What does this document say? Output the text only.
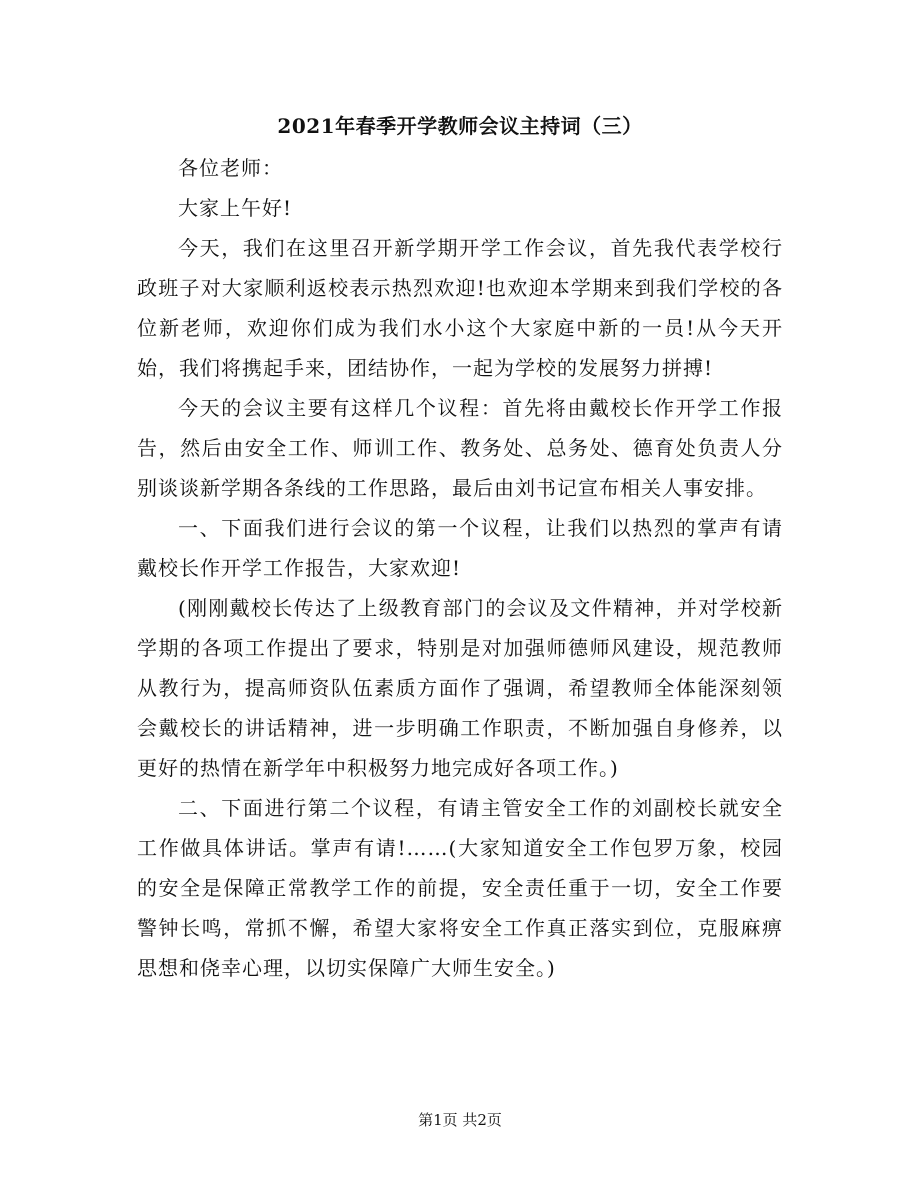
2021年春季开学教师会议主持词（三）

各位老师：

大家上午好!

今天，我们在这里召开新学期开学工作会议，首先我代表学校行政班子对大家顺利返校表示热烈欢迎!也欢迎本学期来到我们学校的各位新老师，欢迎你们成为我们水小这个大家庭中新的一员!从今天开始，我们将携起手来，团结协作，一起为学校的发展努力拼搏!

今天的会议主要有这样几个议程：首先将由戴校长作开学工作报告，然后由安全工作、师训工作、教务处、总务处、德育处负责人分别谈谈新学期各条线的工作思路，最后由刘书记宣布相关人事安排。

一、下面我们进行会议的第一个议程，让我们以热烈的掌声有请戴校长作开学工作报告，大家欢迎!

(刚刚戴校长传达了上级教育部门的会议及文件精神，并对学校新学期的各项工作提出了要求，特别是对加强师德师风建设，规范教师从教行为，提高师资队伍素质方面作了强调，希望教师全体能深刻领会戴校长的讲话精神，进一步明确工作职责，不断加强自身修养，以更好的热情在新学年中积极努力地完成好各项工作。)

二、下面进行第二个议程，有请主管安全工作的刘副校长就安全工作做具体讲话。掌声有请!……(大家知道安全工作包罗万象，校园的安全是保障正常教学工作的前提，安全责任重于一切，安全工作要警钟长鸣，常抓不懈，希望大家将安全工作真正落实到位，克服麻痹思想和侥幸心理，以切实保障广大师生安全。)

第1页 共2页
